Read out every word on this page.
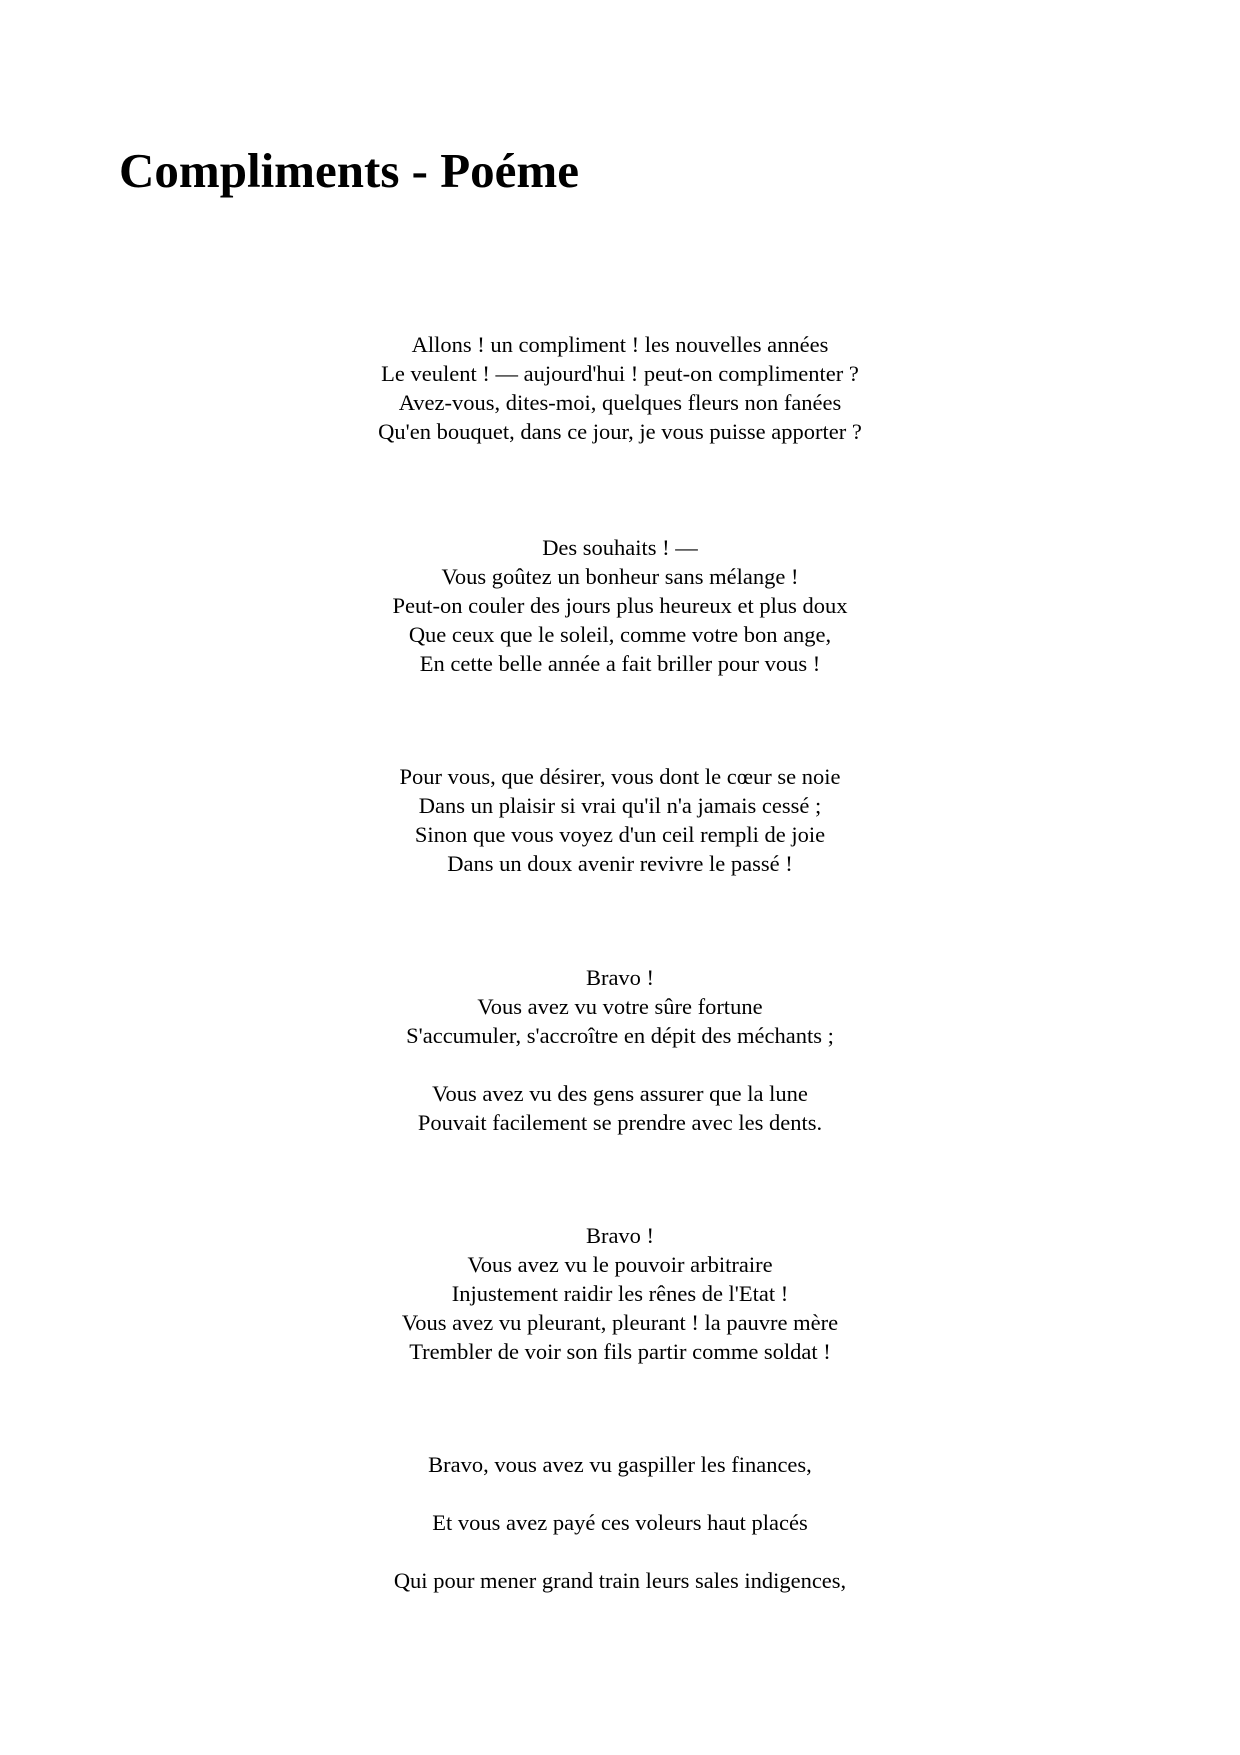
Compliments - Poéme
Allons ! un compliment ! les nouvelles années
Le veulent ! — aujourd'hui ! peut-on complimenter ?
Avez-vous, dites-moi, quelques fleurs non fanées
Qu'en bouquet, dans ce jour, je vous puisse apporter ?
Des souhaits ! —
Vous goûtez un bonheur sans mélange !
Peut-on couler des jours plus heureux et plus doux
Que ceux que le soleil, comme votre bon ange,
En cette belle année a fait briller pour vous !
Pour vous, que désirer, vous dont le cœur se noie
Dans un plaisir si vrai qu'il n'a jamais cessé ;
Sinon que vous voyez d'un ceil rempli de joie
Dans un doux avenir revivre le passé !
Bravo !
Vous avez vu votre sûre fortune
S'accumuler, s'accroître en dépit des méchants ;
Vous avez vu des gens assurer que la lune
Pouvait facilement se prendre avec les dents.
Bravo !
Vous avez vu le pouvoir arbitraire
Injustement raidir les rênes de l'Etat !
Vous avez vu pleurant, pleurant ! la pauvre mère
Trembler de voir son fils partir comme soldat !
Bravo, vous avez vu gaspiller les finances,
Et vous avez payé ces voleurs haut placés
Qui pour mener grand train leurs sales indigences,
